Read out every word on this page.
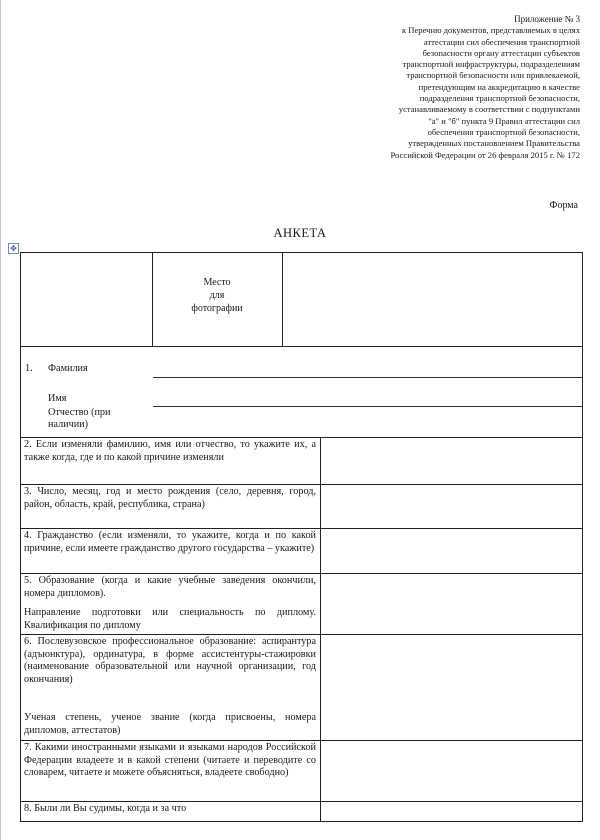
Приложение № 3
к Перечню документов, представляемых в целях
аттестации сил обеспечения транспортной
безопасности органу аттестации субъектов
транспортной инфраструктуры, подразделениям
транспортной безопасности или привлекаемой,
претендующим на аккредитацию в качестве
подразделения транспортной безопасности,
устанавливаемому в соответствии с подпунктами
"а" и "б" пункта 9 Правил аттестации сил
обеспечения транспортной безопасности,
утвержденных постановлением Правительства
Российской Федерации от 26 февраля 2015 г. № 172
Форма
АНКЕТА
✥
Место
для
фотографии
1. Фамилия
Имя
Отчество (при
наличии)
2. Если изменяли фамилию, имя или отчество, то укажите их, а также когда, где и по какой причине изменяли
3. Число, месяц, год и место рождения (село, деревня, город, район, область, край, республика, страна)
4. Гражданство (если изменяли, то укажите, когда и по какой причине, если имеете гражданство другого государства – укажите)
5. Образование (когда и какие учебные заведения окончили, номера дипломов).
Направление подготовки или специальность по диплому. Квалификация по диплому
6. Послевузовское профессиональное образование: аспирантура (адъюнктура), ординатура, в форме ассистентуры-стажировки (наименование образовательной или научной организации, год окончания)
Ученая степень, ученое звание (когда присвоены, номера дипломов, аттестатов)
7. Какими иностранными языками и языками народов Российской Федерации владеете и в какой степени (читаете и переводите со словарем, читаете и можете объясняться, владеете свободно)
8. Были ли Вы судимы, когда и за что
